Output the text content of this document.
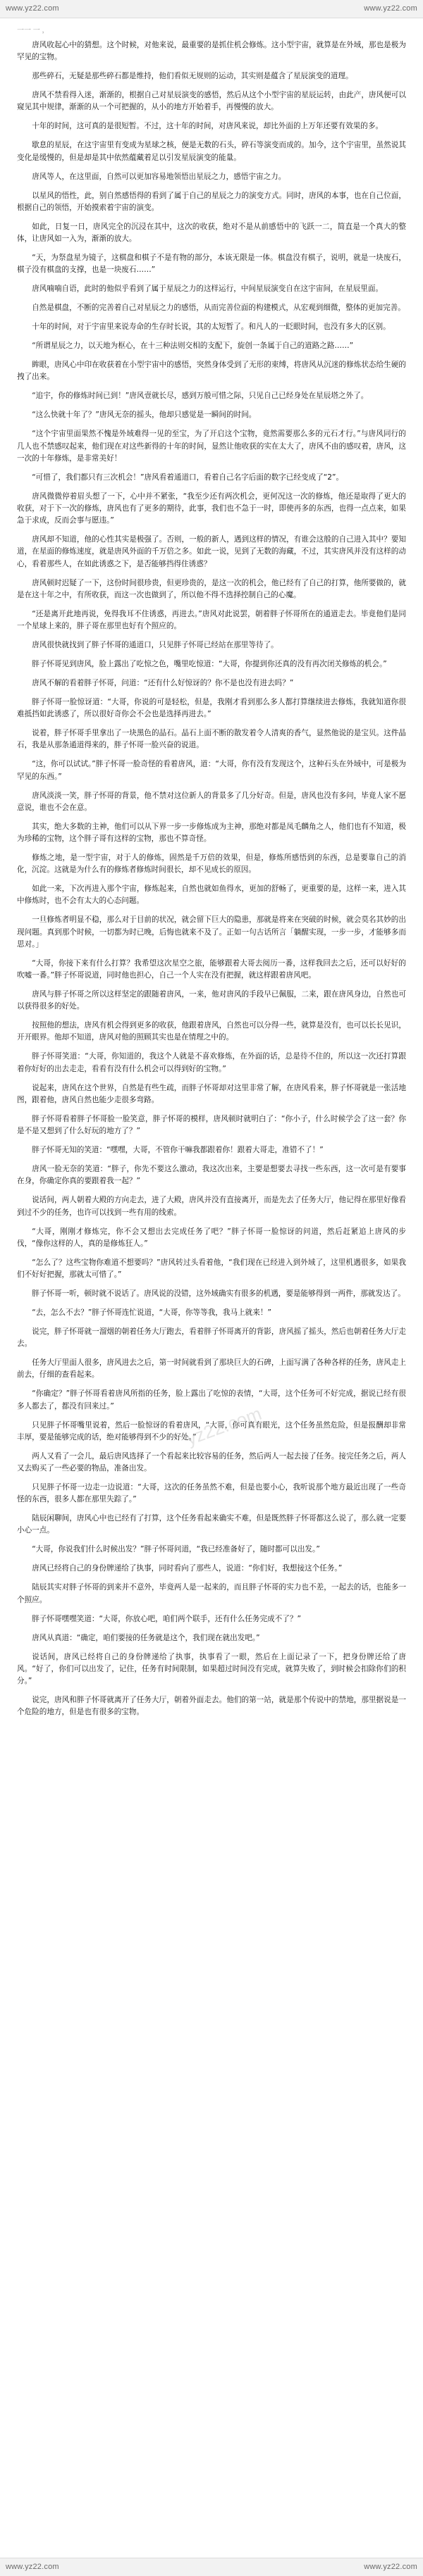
www.yz22.com	www.yz22.com
一一 一 ，

唐风收起心中的猜想。这个时候，对他来说，最重要的是抓住机会修炼。这小型宇宙，就算是在外域，那也是极为罕见的宝物。

那些碎石，无疑是那些碎石都是维持，他们看似无规则的运动，其实则是蕴含了星辰演变的道理。

唐风不禁看得入迷，渐渐的，根据自己对星辰演变的感悟，然后从这个小型宇宙的星辰运转，由此产，唐风便可以窥见其中规律，渐渐的从一个可把握的，从小的地方开始着手，再慢慢的放大。

十年的时间，这可真的是很短暂。不过，这十年的时间，对唐风来说，却比外面的上万年还要有效果的多。

歇息的星辰，在这宇宙里有变成为星球之核，便是无数的石头，碎石等演变而成的。加今，这个宇宙里，虽然说其变化是缓慢的，但是却是其中依然蕴藏着足以引发星辰演变的能量。

唐风等人，在这里面，自然可以更加容易地领悟出星辰之力，感悟宇宙之力。

以星风的悟性，此，别自然感悟得的看到了属于自己的星辰之力的演变方式。同时，唐风的本事，也在自己位面，根据自己的领悟，开始摸索着宇宙的演变。

如此，日复一日，唐风完全的沉浸在其中，这次的收获，绝对不是从前感悟中的飞跃一二，简直是一个真大的整体，让唐风如一入为，渐渐的放大。

“天，为祭盘星为镜子，这棋盘和棋子不是有物的部分，本该无限是一体。棋盘没有棋子，说明，就是一块废石，棋子没有棋盘的支撑，也是一块废石……”

唐风喃喃自语，此时的他似乎看到了属于星辰之力的这样运行，中间星辰演变自在这宇宙间，在星辰里面。

自然是棋盘，不断的完善着自己对星辰之力的感悟，从而完善位面的构建模式，从宏观到细微，整体的更加完善。

十年的时间，对于宇宙里来说寿命的生存时长说，其的太短暂了。和凡人的一眨眼时间，也没有多大的区别。

“所谓星辰之力，以天地为枢心，在十三种法则交相的支配下，旋创一条属于自己的道路之路……”

眸眼，唐风心中印在收获着在小型宇宙中的感悟，突然身体受到了无形的束缚，将唐风从沉迷的修炼状态给生硬的拽了出来。

“追宇，你的修炼时间已到！”唐风壹就长尽，感到万般可惜之际，只见自己已经身处在星辰塔之外了。

“这么快就十年了？”唐风无奈的摇头，他却只感觉是一瞬间的时间。

“这个宇宙里面果然不愧是外域难得一见的至宝，为了开启这个宝物，竟然需要那么多的元石才行。”与唐风同行的几人也不禁感叹起来，他们现在对这些新得的十年的时间，显然让他收获的实在太大了，唐风不由的感叹着，唐风，这一次的十年修炼，是非常美好！

“可惜了，我们都只有三次机会！”唐风看着通道口，看着自己名字后面的数字已经变成了“2”。

唐风微微停着眉头想了一下，心中并不紧张，“我至少还有两次机会，更何况这一次的修炼，他还是取得了更大的收获，对于下一次的修炼，唐风也有了更多的期待，此事，我们也不急于一时，即使再多的东西，也得一点点来，如果急于求成，反而会事与愿违。”

唐风却不知道，他的心性其实是极强了。否则，一般的新人，遇到这样的情况，有谁会这般的自己进入其中？要知道，在星面的修炼速度，就是唐风外面的千万倍之多。如此一说，见到了无数的海藏，不过，其实唐风并没有这样的动心，看着那些人，在如此诱惑之下，是否能够挡得住诱惑？

唐风顿时迟疑了一下，这份时间很珍贵，但更珍贵的，是这一次的机会，他已经有了自己的打算，他所要做的，就是在这十年之中，有所收获，而这一次也做到了，所以他不得不选择控制自己的心魔。

“还是离开此地再说，免得我耳不住诱惑，再进去。”唐风对此说罢，朝着胖子怀哥所在的通道走去。毕竟他们是同一个星球上来的，胖子哥在那里也好有个照应的。

唐风很快就找到了胖子怀哥的通道口，只见胖子怀哥已经站在那里等待了。

胖子怀哥见到唐风，脸上露出了吃惊之色，嘴里吃惊道：“大哥，你提到你还真的没有再次闭关修炼的机会。”

唐风不解的看着胖子怀哥，问道：“还有什么好惊讶的？你不是也没有进去吗？”

胖子怀哥一脸惊讶道：“大哥，你说的可是轻松，但是，我刚才看到那么多人都打算继续进去修炼，我就知道你很难抵挡如此诱惑了，所以很好奇你会不会也是选择再进去。”

说着，胖子怀哥手里拿出了一块黑色的晶石。晶石上面不断的散发着令人清爽的香气，显然他说的是宝贝。这件晶石，我是从那条通道得来的，胖子怀哥一脸兴奋的说道。

“这，你可以试试。”胖子怀哥一脸奇怪的看着唐风，道：“大哥，你有没有发现这个，这种石头在外域中，可是极为罕见的东西。”

唐风淡淡一笑，胖子怀哥的背景，他不禁对这位新人的背景多了几分好奇。但是，唐风也没有多问，毕竟人家不愿意说，谁也不会在意。

其实，绝大多数的主神，他们可以从下界一步一步修炼成为主神，那绝对都是凤毛麟角之人，他们也有不知道，极为珍稀的宝物，这个胖子哥有这样的宝物，那也不算奇怪。

修炼之地，是一型宇宙，对于人的修炼，固然是千万倍的效果，但是，修炼所感悟到的东西，总是要靠自己的消化，沉淀。这就是为什么有的修炼者修炼时间很长，却不见成长的原因。

如此一来，下次再进入那个宇宙，修炼起来，自然也就如鱼得水，更加的舒畅了，更重要的是，这样一来，进入其中修炼时，也不会有太大的心态问题。

一旦修炼者明显不稳，那么对于目前的状况，就会留下巨大的隐患，那就是将来在突破的时候，就会莫名其妙的出现问题。真到那个时候，一切都为时已晚，后悔也就来不及了。正如一句古话所言「躺醒实现，一步一步，才能够多而思对。」

“大哥，你接下来有什么打算？我希望这次星空之旅，能够跟着大哥去阅历一番，这样我回去之后，还可以好好的吹嘘一番。”胖子怀哥说道，同时他也担心，自己一个人实在没有把握，就这样跟着唐风吧。

唐风与胖子怀哥之所以这样坚定的跟随着唐风，一来，他对唐风的手段早已佩服，二来，跟在唐风身边，自然也可以获得很多的好处。

按照他的想法，唐风有机会得到更多的收获，他跟着唐风，自然也可以分得一些，就算是没有，也可以长长见识，开开眼界。他却不知道，唐风对他的照顾其实也是在情理之中的。

胖子怀哥笑道：“大哥，你知道的，我这个人就是不喜欢修炼，在外面的话，总是待不住的，所以这一次还打算跟着你好好的出去走走，看看有没有什么机会可以得到好的宝物。”

说起来，唐风在这个世界，自然是有些生疏，而胖子怀哥却对这里非常了解，在唐风看来，胖子怀哥就是一张活地图，跟着他，唐风自然也能少走很多弯路。

胖子怀哥看着胖子怀哥脸一脸笑意，胖子怀哥的模样，唐风顿时就明白了：“你小子，什么时候学会了这一套？你是不是又想到了什么好玩的地方了？”

胖子怀哥无知的笑道：“嘿嘿，大哥，不管你干嘛我都跟着你！跟着大哥走，准错不了！”

唐风一脸无奈的笑道：“胖子，你先不要这么激动，我这次出来，主要是想要去寻找一些东西，这一次可是有要事在身，你确定你真的要跟着我一起？”

说话间，两人朝着大殿的方向走去，进了大殿，唐风并没有直接离开，而是先去了任务大厅，他记得在那里好像看到过不少的任务，也许可以找到一些有用的线索。

“大哥，刚刚才修炼完，你不会又想出去完成任务了吧？”胖子怀哥一脸惊讶的问道，然后赶紧追上唐风的步伐，“像你这样的人，真的是修炼狂人。”

“怎么了？这些宝物你难道不想要吗？”唐风转过头看着他，“我们现在已经进入到外域了，这里机遇很多，如果我们不好好把握，那就太可惜了。”

胖子怀哥一听，顿时就不说话了。唐风说的没错，这外域确实有很多的机遇，要是能够得到一两件，那就发达了。

“去，怎么不去？”胖子怀哥连忙说道，“大哥，你等等我，我马上就来！”

说完，胖子怀哥就一溜烟的朝着任务大厅跑去，看着胖子怀哥离开的背影，唐风摇了摇头，然后也朝着任务大厅走去。

任务大厅里面人很多，唐风进去之后，第一时间就看到了那块巨大的石碑，上面写满了各种各样的任务，唐风走上前去，仔细的查看起来。

“你确定？”胖子怀哥看着唐风所指的任务，脸上露出了吃惊的表情，“大哥，这个任务可不好完成，据说已经有很多人都去了，都没有回来过。”

只见胖子怀哥嘴里说着，然后一脸惊讶的看着唐风，“大哥，你可真有眼光，这个任务虽然危险，但是报酬却非常丰厚，要是能够完成的话，绝对能够得到不少的好处。”

两人又看了一会儿，最后唐风选择了一个看起来比较容易的任务，然后两人一起去接了任务。接完任务之后，两人又去购买了一些必要的物品，准备出发。

只见胖子怀哥一边走一边说道：“大哥，这次的任务虽然不难，但是也要小心，我听说那个地方最近出现了一些奇怪的东西，很多人都在那里失踪了。”

陆辰闲聊间，唐风心中也已经有了打算，这个任务看起来确实不难，但是既然胖子怀哥都这么说了，那么就一定要小心一点。

“大哥，你说我们什么时候出发？”胖子怀哥问道，“我已经准备好了，随时都可以出发。”

唐风已经将自己的身份牌递给了执事，同时看向了那些人，说道：“你们好，我想接这个任务。”

陆辰其实对胖子怀哥的到来并不意外，毕竟两人是一起来的，而且胖子怀哥的实力也不差，一起去的话，也能多一个照应。

胖子怀哥嘿嘿笑道：“大哥，你放心吧，咱们两个联手，还有什么任务完成不了？”

唐风从真道：“确定，咱们要接的任务就是这个，我们现在就出发吧。”

说话间，唐风已经将自己的身份牌递给了执事，执事看了一眼，然后在上面记录了一下，把身份牌还给了唐风。“好了，你们可以出发了，记住，任务有时间限制，如果超过时间没有完成，就算失败了，到时候会扣除你们的积分。”

说完，唐风和胖子怀哥就离开了任务大厅，朝着外面走去。他们的第一站，就是那个传说中的禁地，那里据说是一个危险的地方，但是也有很多的宝物。

yz22.com
www.yz22.com	www.yz22.com
